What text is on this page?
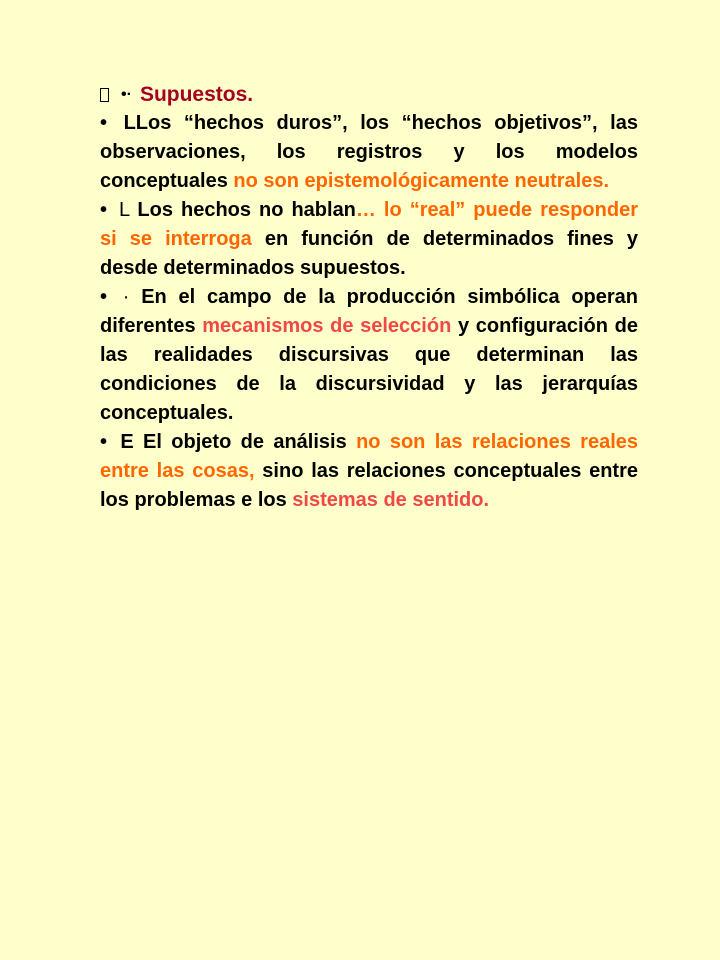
•· Supuestos.

• LLos “hechos duros”, los “hechos objetivos”, las observaciones, los registros y los modelos conceptuales no son epistemológicamente neutrales.

• L Los hechos no hablan… lo “real” puede responder si se interroga en función de determinados fines y desde determinados supuestos.

• · En el campo de la producción simbólica operan diferentes mecanismos de selección y configuración de las realidades discursivas que determinan las condiciones de la discursividad y las jerarquías conceptuales.

• E El objeto de análisis no son las relaciones reales entre las cosas, sino las relaciones conceptuales entre los problemas e los sistemas de sentido.
